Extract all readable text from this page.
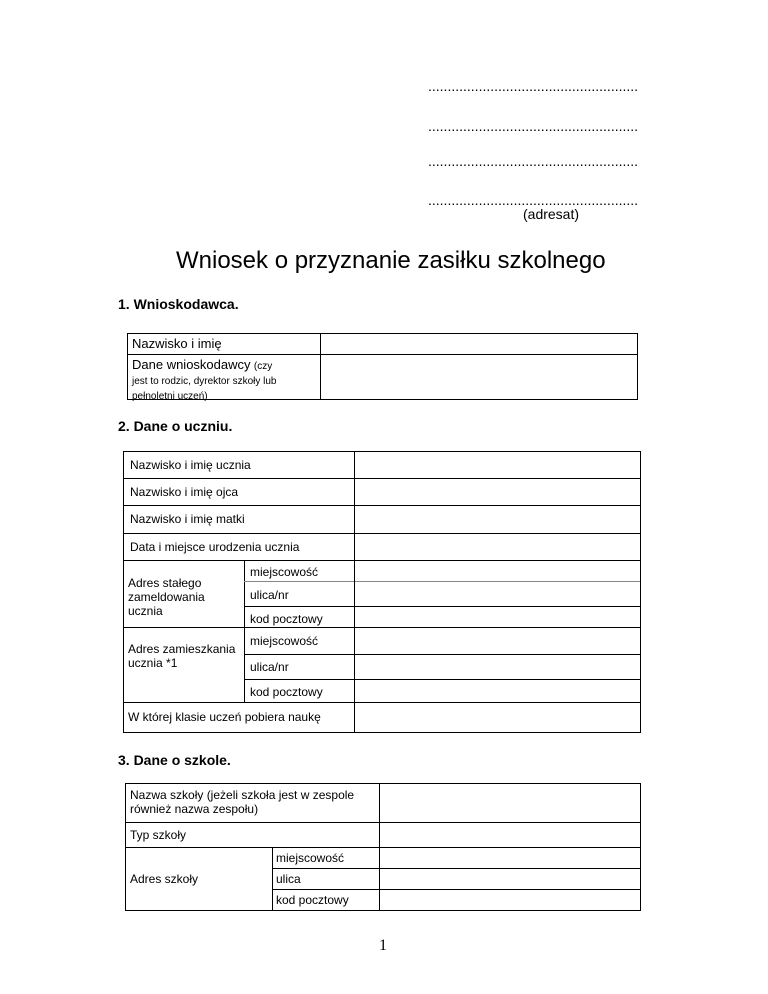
......................................................
......................................................
......................................................
......................................................
(adresat)
Wniosek o przyznanie zasiłku szkolnego
1. Wnioskodawca.
Nazwisko i imię
Dane wnioskodawcy (czy
jest to rodzic, dyrektor szkoły lub pełnoletni uczeń)
2. Dane o uczniu.
Nazwisko i imię ucznia
Nazwisko i imię ojca
Nazwisko i imię matki
Data i miejsce urodzenia ucznia
Adres stałego zameldowania ucznia
Adres zamieszkania ucznia *1
W której klasie uczeń pobiera naukę
miejscowość
ulica/nr
kod pocztowy
miejscowość
ulica/nr
kod pocztowy
3. Dane o szkole.
Nazwa szkoły (jeżeli szkoła jest w zespole również nazwa zespołu)
Typ szkoły
Adres szkoły
miejscowość
ulica
kod pocztowy
1
